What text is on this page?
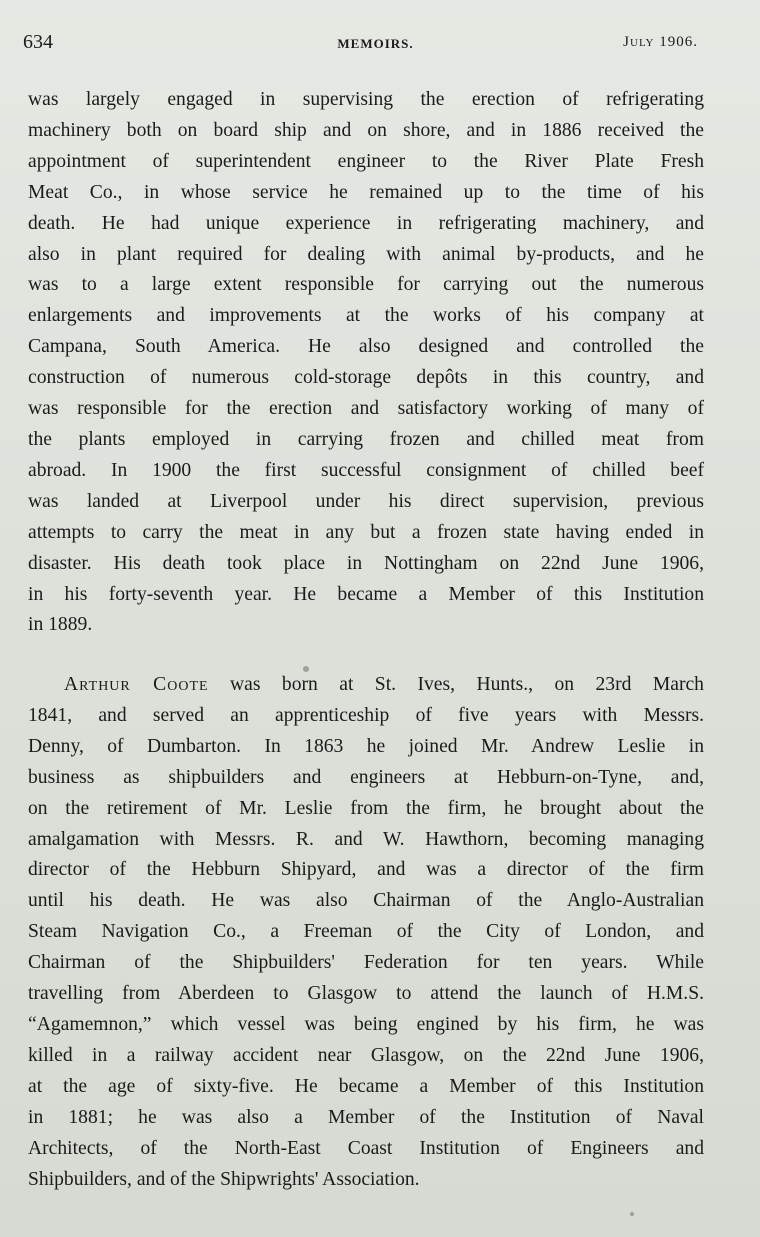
634	MEMOIRS.	July 1906.
was largely engaged in supervising the erection of refrigerating
machinery both on board ship and on shore, and in 1886 received the
appointment of superintendent engineer to the River Plate Fresh
Meat Co., in whose service he remained up to the time of his
death. He had unique experience in refrigerating machinery, and
also in plant required for dealing with animal by-products, and he
was to a large extent responsible for carrying out the numerous
enlargements and improvements at the works of his company at
Campana, South America. He also designed and controlled the
construction of numerous cold-storage depôts in this country, and
was responsible for the erection and satisfactory working of many of
the plants employed in carrying frozen and chilled meat from
abroad. In 1900 the first successful consignment of chilled beef
was landed at Liverpool under his direct supervision, previous
attempts to carry the meat in any but a frozen state having ended in
disaster. His death took place in Nottingham on 22nd June 1906,
in his forty-seventh year. He became a Member of this Institution
in 1889.
Arthur Coote was born at St. Ives, Hunts., on 23rd March
1841, and served an apprenticeship of five years with Messrs.
Denny, of Dumbarton. In 1863 he joined Mr. Andrew Leslie in
business as shipbuilders and engineers at Hebburn-on-Tyne, and,
on the retirement of Mr. Leslie from the firm, he brought about the
amalgamation with Messrs. R. and W. Hawthorn, becoming managing
director of the Hebburn Shipyard, and was a director of the firm
until his death. He was also Chairman of the Anglo-Australian
Steam Navigation Co., a Freeman of the City of London, and
Chairman of the Shipbuilders' Federation for ten years. While
travelling from Aberdeen to Glasgow to attend the launch of H.M.S.
“Agamemnon,” which vessel was being engined by his firm, he was
killed in a railway accident near Glasgow, on the 22nd June 1906,
at the age of sixty-five. He became a Member of this Institution
in 1881; he was also a Member of the Institution of Naval
Architects, of the North-East Coast Institution of Engineers and
Shipbuilders, and of the Shipwrights' Association.
